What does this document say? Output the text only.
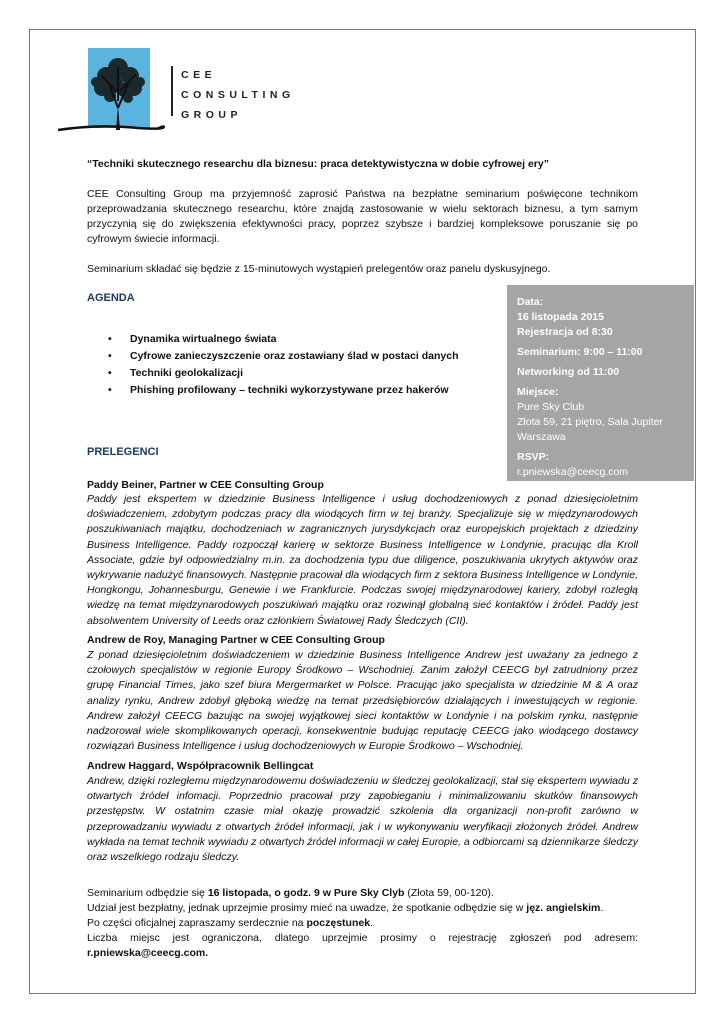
CEE
CONSULTING
GROUP

“Techniki skutecznego researchu dla biznesu: praca detektywistyczna w dobie cyfrowej ery”

CEE Consulting Group ma przyjemność zaprosić Państwa na bezpłatne seminarium poświęcone technikom przeprowadzania skutecznego researchu, które znajdą zastosowanie w wielu sektorach biznesu, a tym samym przyczynią się do zwiększenia efektywności pracy, poprzez szybsze i bardziej kompleksowe poruszanie się po cyfrowym świecie informacji.

Seminarium składać się będzie z 15-minutowych wystąpień prelegentów oraz panelu dyskusyjnego.

AGENDA
• Dynamika wirtualnego świata
• Cyfrowe zanieczyszczenie oraz zostawiany ślad w postaci danych
• Techniki geolokalizacji
• Phishing profilowany – techniki wykorzystywane przez hakerów
Data:
16 listopada 2015
Rejestracja od 8:30
Seminarium: 9:00 – 11:00
Networking od 11:00
Miejsce:
Pure Sky Club
Złota 59, 21 piętro, Sala Jupiter
Warszawa
RSVP:
r.pniewska@ceecg.com
PRELEGENCI
Paddy Beiner, Partner w CEE Consulting Group

Paddy jest ekspertem w dziedzinie Business Intelligence i usług dochodzeniowych z ponad dziesięcioletnim doświadczeniem, zdobytym podczas pracy dla wiodących firm w tej branży. Specjalizuje się w międzynarodowych poszukiwaniach majątku, dochodzeniach w zagranicznych jurysdykcjach oraz europejskich projektach z dziedziny Business Intelligence. Paddy rozpoczął karierę w sektorze Business Intelligence w Londynie, pracując dla Kroll Associate, gdzie był odpowiedzialny m.in. za dochodzenia typu due diligence, poszukiwania ukrytych aktywów oraz wykrywanie nadużyć finansowych. Następnie pracował dla wiodących firm z sektora Business Intelligence w Londynie, Hongkongu, Johannesburgu, Genewie i we Frankfurcie. Podczas swojej międzynarodowej kariery, zdobył rozległą wiedzę na temat międzynarodowych poszukiwań majątku oraz rozwinął globalną sieć kontaktów i źródeł. Paddy jest absolwentem University of Leeds oraz członkiem Światowej Rady Śledczych (CII).

Andrew de Roy, Managing Partner w CEE Consulting Group

Z ponad dziesięcioletnim doświadczeniem w dziedzinie Business Intelligence Andrew jest uważany za jednego z czołowych specjalistów w regionie Europy Środkowo – Wschodniej. Zanim założył CEECG był zatrudniony przez grupę Financial Times, jako szef biura Mergermarket w Polsce. Pracując jako specjalista w dziedzinie M & A oraz analizy rynku, Andrew zdobył głęboką wiedzę na temat przedsiębiorców działających i inwestujących w regionie. Andrew założył CEECG bazując na swojej wyjątkowej sieci kontaktów w Londynie i na polskim rynku, następnie nadzorował wiele skomplikowanych operacji, konsekwentnie budując reputację CEECG jako wiodącego dostawcy rozwiązań Business Intelligence i usług dochodzeniowych w Europie Środkowo – Wschodniej.

Andrew Haggard, Współpracownik Bellingcat

Andrew, dzięki rozległemu międzynarodowemu doświadczeniu w śledczej geolokalizacji, stał się ekspertem wywiadu z otwartych źródeł infomacji. Poprzednio pracował przy zapobieganiu i minimalizowaniu skutków finansowych przestępstw. W ostatnim czasie miał okazję prowadzić szkolenia dla organizacji non-profit zarówno w przeprowadzaniu wywiadu z otwartych źródeł informacji, jak i w wykonywaniu weryfikacji złożonych źródeł. Andrew wykłada na temat technik wywiadu z otwartych źródeł informacji w całej Europie, a odbiorcami są dziennikarze śledczy oraz wszelkiego rodzaju śledczy.

Seminarium odbędzie się 16 listopada, o godz. 9 w Pure Sky Clyb (Złota 59, 00-120).
Udział jest bezpłatny, jednak uprzejmie prosimy mieć na uwadze, że spotkanie odbędzie się w jęz. angielskim.
Po części oficjalnej zapraszamy serdecznie na poczęstunek.
Liczba miejsc jest ograniczona, dlatego uprzejmie prosimy o rejestrację zgłoszeń pod adresem:
r.pniewska@ceecg.com.
